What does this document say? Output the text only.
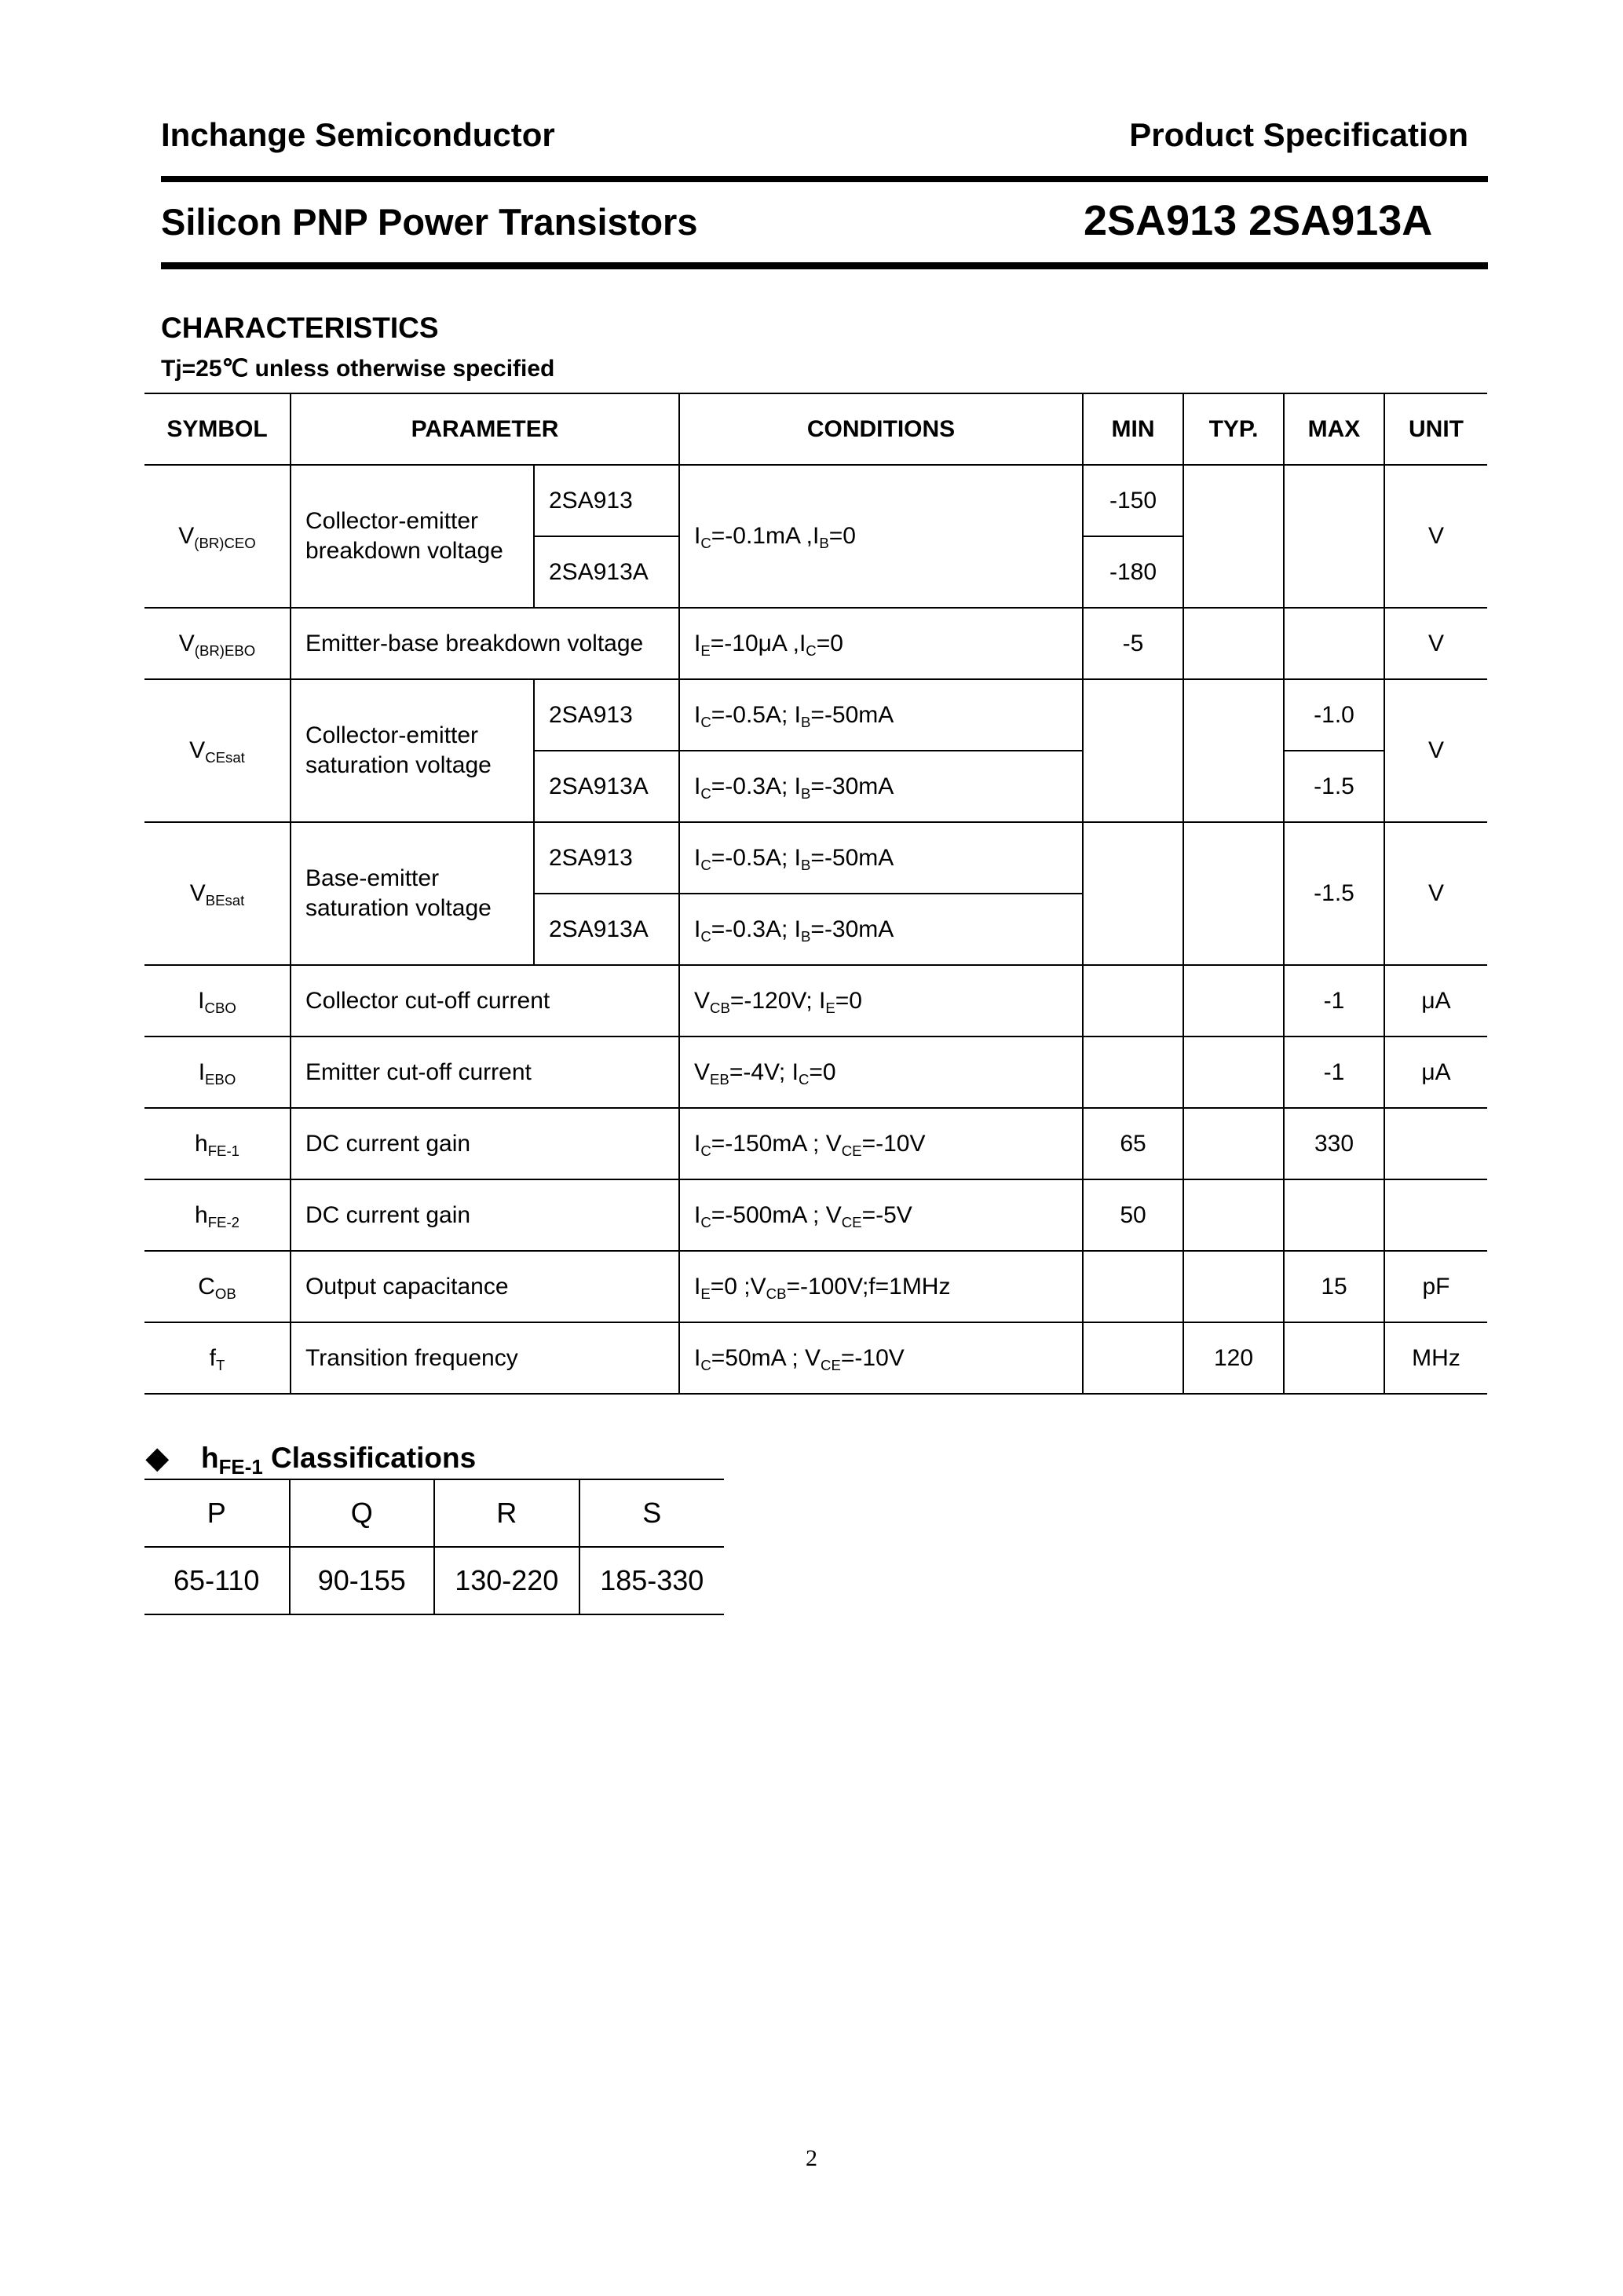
Inchange Semiconductor	Product Specification
Silicon PNP Power Transistors	2SA913 2SA913A
CHARACTERISTICS
Tj=25℃ unless otherwise specified
SYMBOL	PARAMETER		CONDITIONS	MIN	TYP.	MAX	UNIT
$V_{(BR)CEO}$	Collector-emitter breakdown voltage	2SA913	$I_C=-0.1mA$ $,I_B=0$	-150			V
		2SA913A		-180			
$V_{(BR)EBO}$	Emitter-base breakdown voltage		$I_E=-10\mu A$ $,I_C=0$	-5			V
$V_{CEsat}$	Collector-emitter saturation voltage	2SA913	$I_C=-0.5A$; $I_B=-50mA$			-1.0	V
		2SA913A	$I_C=-0.3A$; $I_B=-30mA$			-1.5	
$V_{BEsat}$	Base-emitter saturation voltage	2SA913	$I_C=-0.5A$; $I_B=-50mA$			-1.5	V
		2SA913A	$I_C=-0.3A$; $I_B=-30mA$				
$I_{CBO}$	Collector cut-off current		$V_{CB}=-120V$; $I_E=0$			-1	μA
$I_{EBO}$	Emitter cut-off current		$V_{EB}=-4V$; $I_C=0$			-1	μA
$h_{FE-1}$	DC current gain		$I_C=-150mA$ ; $V_{CE}=-10V$	65		330	
$h_{FE-2}$	DC current gain		$I_C=-500mA$ ; $V_{CE}=-5V$	50			
$C_{OB}$	Output capacitance		$I_E=0$ $;V_{CB}=-100V;f=1MHz$			15	pF
$f_T$	Transition frequency		$I_C=50mA$ ; $V_{CE}=-10V$		120		MHz
◆ $h_{FE-1}$ Classifications
P	Q	R	S
65-110	90-155	130-220	185-330
2
